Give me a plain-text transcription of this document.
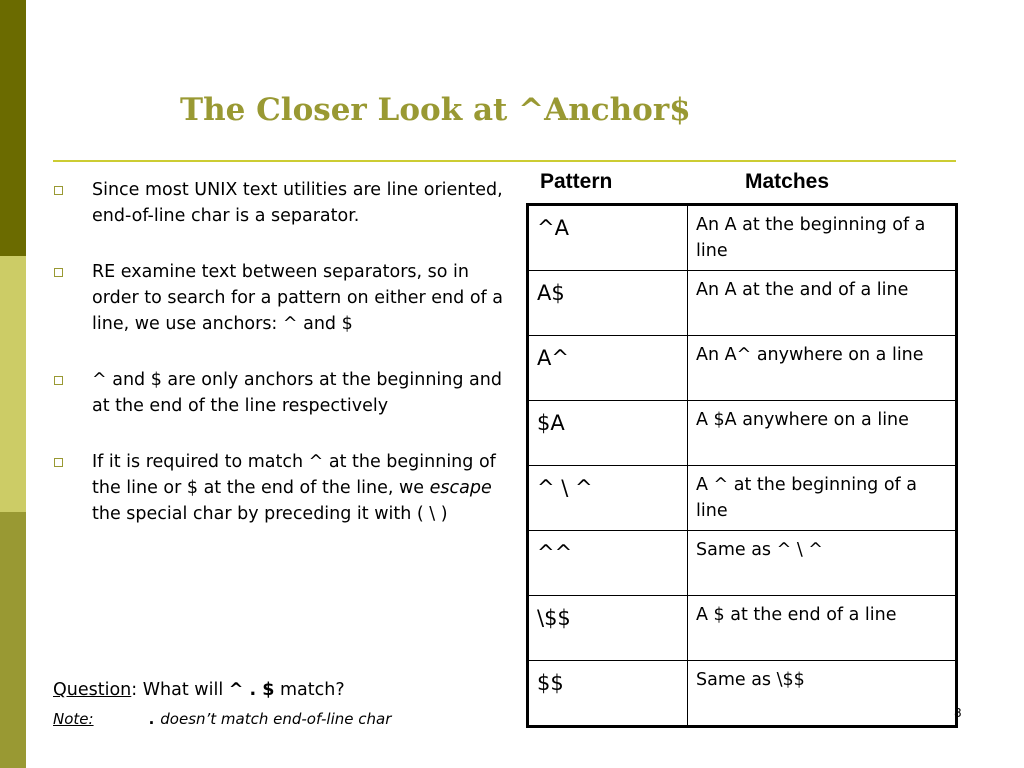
The Closer Look at ^Anchor$
Since most UNIX text utilities are line oriented, end-of-line char is a separator.
RE examine text between separators, so in order to search for a pattern on either end of a line, we use anchors: ^ and $
^ and $ are only anchors at the beginning and at the end of the line respectively
If it is required to match ^ at the beginning of the line or $ at the end of the line, we escape the special char by preceding it with ( \ )
Question: What will ^ . $ match?
Note:	. doesn’t match end-of-line char
Pattern	Matches
^A	An A at the beginning of a line
A$	An A at the and of a line
A^	An A^ anywhere on a line
$A	A $A anywhere on a line
^ \ ^	A ^ at the beginning of a line
^^	Same as ^ \ ^
\$$	A $ at the end of a line
$$	Same as \$$
8
